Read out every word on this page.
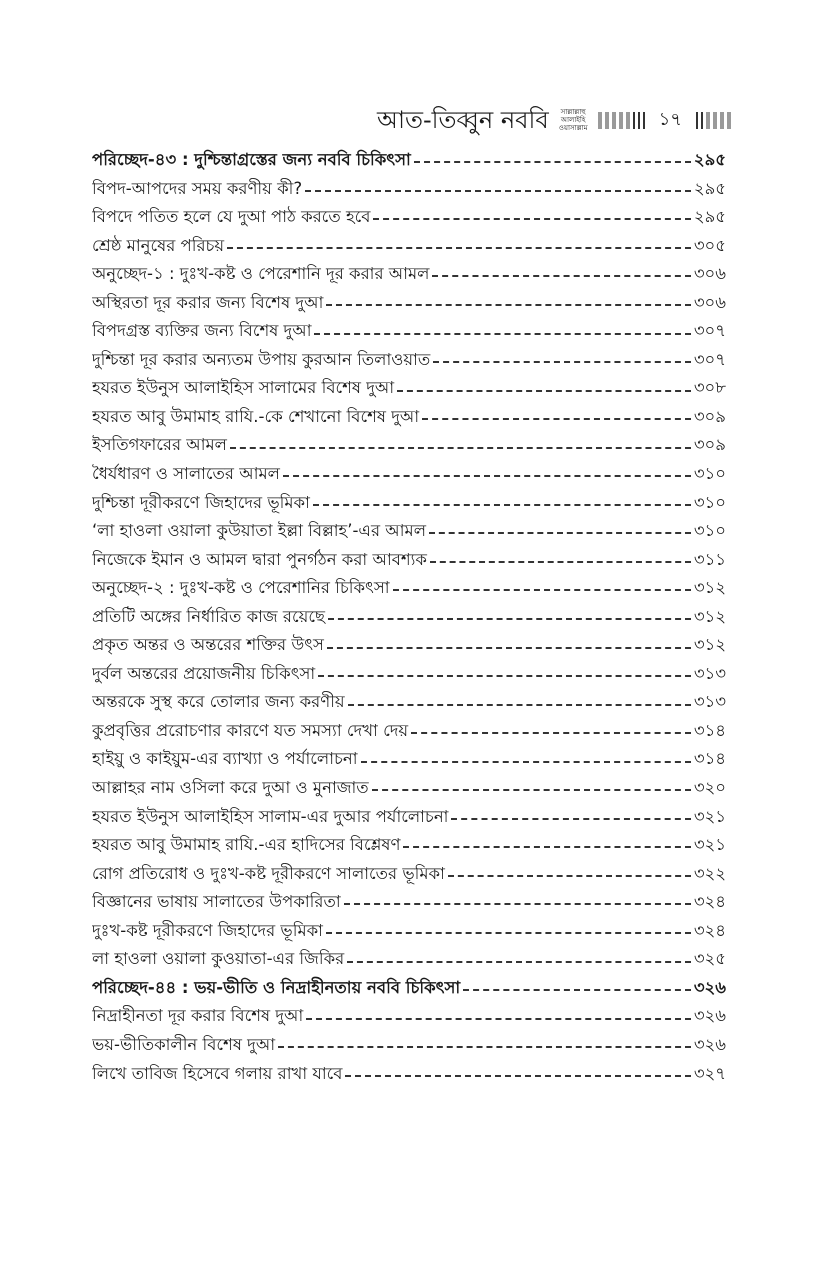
আত-তিব্বুন নববি সাল্লাল্লাহু
আলাইহি
ওয়াসাল্লাম	১৭
পরিচ্ছেদ-৪৩ : দুশ্চিন্তাগ্রস্তের জন্য নববি চিকিৎসা	২৯৫
বিপদ-আপদের সময় করণীয় কী?	২৯৫
বিপদে পতিত হলে যে দুআ পাঠ করতে হবে	২৯৫
শ্রেষ্ঠ মানুষের পরিচয়	৩০৫
অনুচ্ছেদ-১ : দুঃখ-কষ্ট ও পেরেশানি দূর করার আমল	৩০৬
অস্থিরতা দূর করার জন্য বিশেষ দুআ	৩০৬
বিপদগ্রস্ত ব্যক্তির জন্য বিশেষ দুআ	৩০৭
দুশ্চিন্তা দূর করার অন্যতম উপায় কুরআন তিলাওয়াত	৩০৭
হযরত ইউনুস আলাইহিস সালামের বিশেষ দুআ	৩০৮
হযরত আবু উমামাহ রাযি.-কে শেখানো বিশেষ দুআ	৩০৯
ইসতিগফারের আমল	৩০৯
ধৈর্যধারণ ও সালাতের আমল	৩১০
দুশ্চিন্তা দূরীকরণে জিহাদের ভূমিকা	৩১০
‘লা হাওলা ওয়ালা কুউয়াতা ইল্লা বিল্লাহ’-এর আমল	৩১০
নিজেকে ইমান ও আমল দ্বারা পুনর্গঠন করা আবশ্যক	৩১১
অনুচ্ছেদ-২ : দুঃখ-কষ্ট ও পেরেশানির চিকিৎসা	৩১২
প্রতিটি অঙ্গের নির্ধারিত কাজ রয়েছে	৩১২
প্রকৃত অন্তর ও অন্তরের শক্তির উৎস	৩১২
দুর্বল অন্তরের প্রয়োজনীয় চিকিৎসা	৩১৩
অন্তরকে সুস্থ করে তোলার জন্য করণীয়	৩১৩
কুপ্রবৃত্তির প্ররোচণার কারণে যত সমস্যা দেখা দেয়	৩১৪
হাইয়ু ও কাইয়ুম-এর ব্যাখ্যা ও পর্যালোচনা	৩১৪
আল্লাহর নাম ওসিলা করে দুআ ও মুনাজাত	৩২০
হযরত ইউনুস আলাইহিস সালাম-এর দুআর পর্যালোচনা	৩২১
হযরত আবু উমামাহ রাযি.-এর হাদিসের বিশ্লেষণ	৩২১
রোগ প্রতিরোধ ও দুঃখ-কষ্ট দূরীকরণে সালাতের ভূমিকা	৩২২
বিজ্ঞানের ভাষায় সালাতের উপকারিতা	৩২৪
দুঃখ-কষ্ট দূরীকরণে জিহাদের ভূমিকা	৩২৪
লা হাওলা ওয়ালা কুওয়াতা-এর জিকির	৩২৫
পরিচ্ছেদ-৪৪ : ভয়-ভীতি ও নিদ্রাহীনতায় নববি চিকিৎসা	৩২৬
নিদ্রাহীনতা দূর করার বিশেষ দুআ	৩২৬
ভয়-ভীতিকালীন বিশেষ দুআ	৩২৬
লিখে তাবিজ হিসেবে গলায় রাখা যাবে	৩২৭
